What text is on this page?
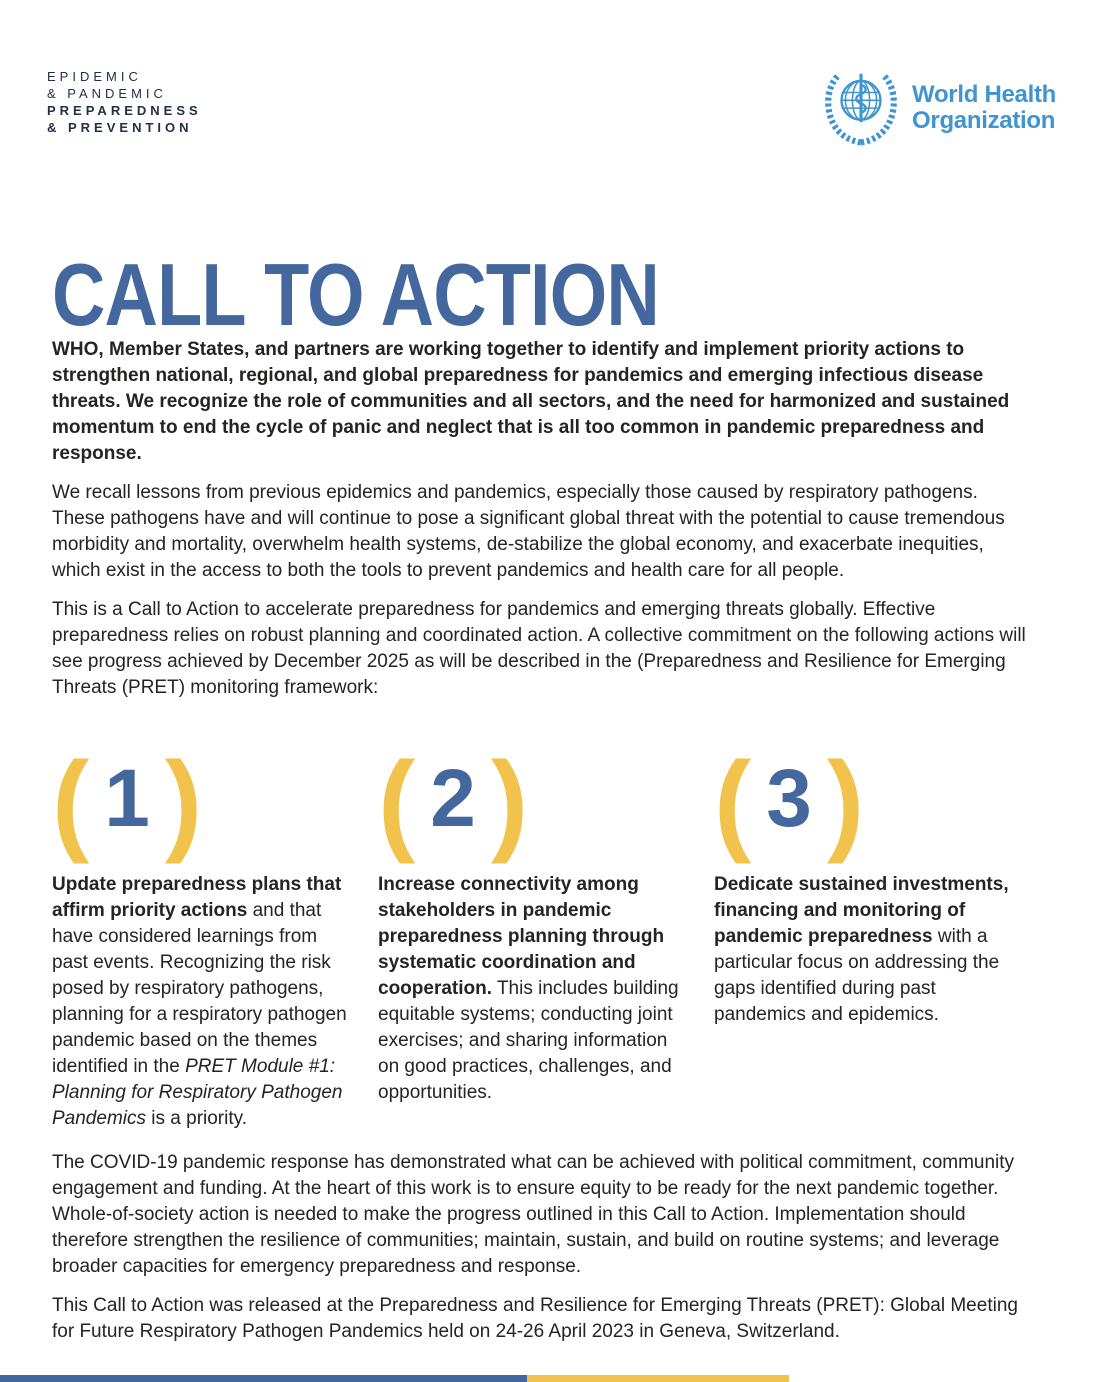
EPIDEMIC
& PANDEMIC
PREPAREDNESS
& PREVENTION
World Health
Organization
CALL TO ACTION

WHO, Member States, and partners are working together to identify and implement priority actions to strengthen national, regional, and global preparedness for pandemics and emerging infectious disease threats. We recognize the role of communities and all sectors, and the need for harmonized and sustained momentum to end the cycle of panic and neglect that is all too common in pandemic preparedness and response.

We recall lessons from previous epidemics and pandemics, especially those caused by respiratory pathogens. These pathogens have and will continue to pose a significant global threat with the potential to cause tremendous morbidity and mortality, overwhelm health systems, de-stabilize the global economy, and exacerbate inequities, which exist in the access to both the tools to prevent pandemics and health care for all people.

This is a Call to Action to accelerate preparedness for pandemics and emerging threats globally. Effective preparedness relies on robust planning and coordinated action. A collective commitment on the following actions will see progress achieved by December 2025 as will be described in the (Preparedness and Resilience for Emerging Threats (PRET) monitoring framework:

( 1 )

Update preparedness plans that affirm priority actions and that have considered learnings from past events. Recognizing the risk posed by respiratory pathogens, planning for a respiratory pathogen pandemic based on the themes identified in the PRET Module #1: Planning for Respiratory Pathogen Pandemics is a priority.

( 2 )

Increase connectivity among stakeholders in pandemic preparedness planning through systematic coordination and cooperation. This includes building equitable systems; conducting joint exercises; and sharing information on good practices, challenges, and opportunities.

( 3 )

Dedicate sustained investments, financing and monitoring of pandemic preparedness with a particular focus on addressing the gaps identified during past pandemics and epidemics.

The COVID-19 pandemic response has demonstrated what can be achieved with political commitment, community engagement and funding. At the heart of this work is to ensure equity to be ready for the next pandemic together. Whole-of-society action is needed to make the progress outlined in this Call to Action. Implementation should therefore strengthen the resilience of communities; maintain, sustain, and build on routine systems; and leverage broader capacities for emergency preparedness and response.

This Call to Action was released at the Preparedness and Resilience for Emerging Threats (PRET): Global Meeting for Future Respiratory Pathogen Pandemics held on 24-26 April 2023 in Geneva, Switzerland.
